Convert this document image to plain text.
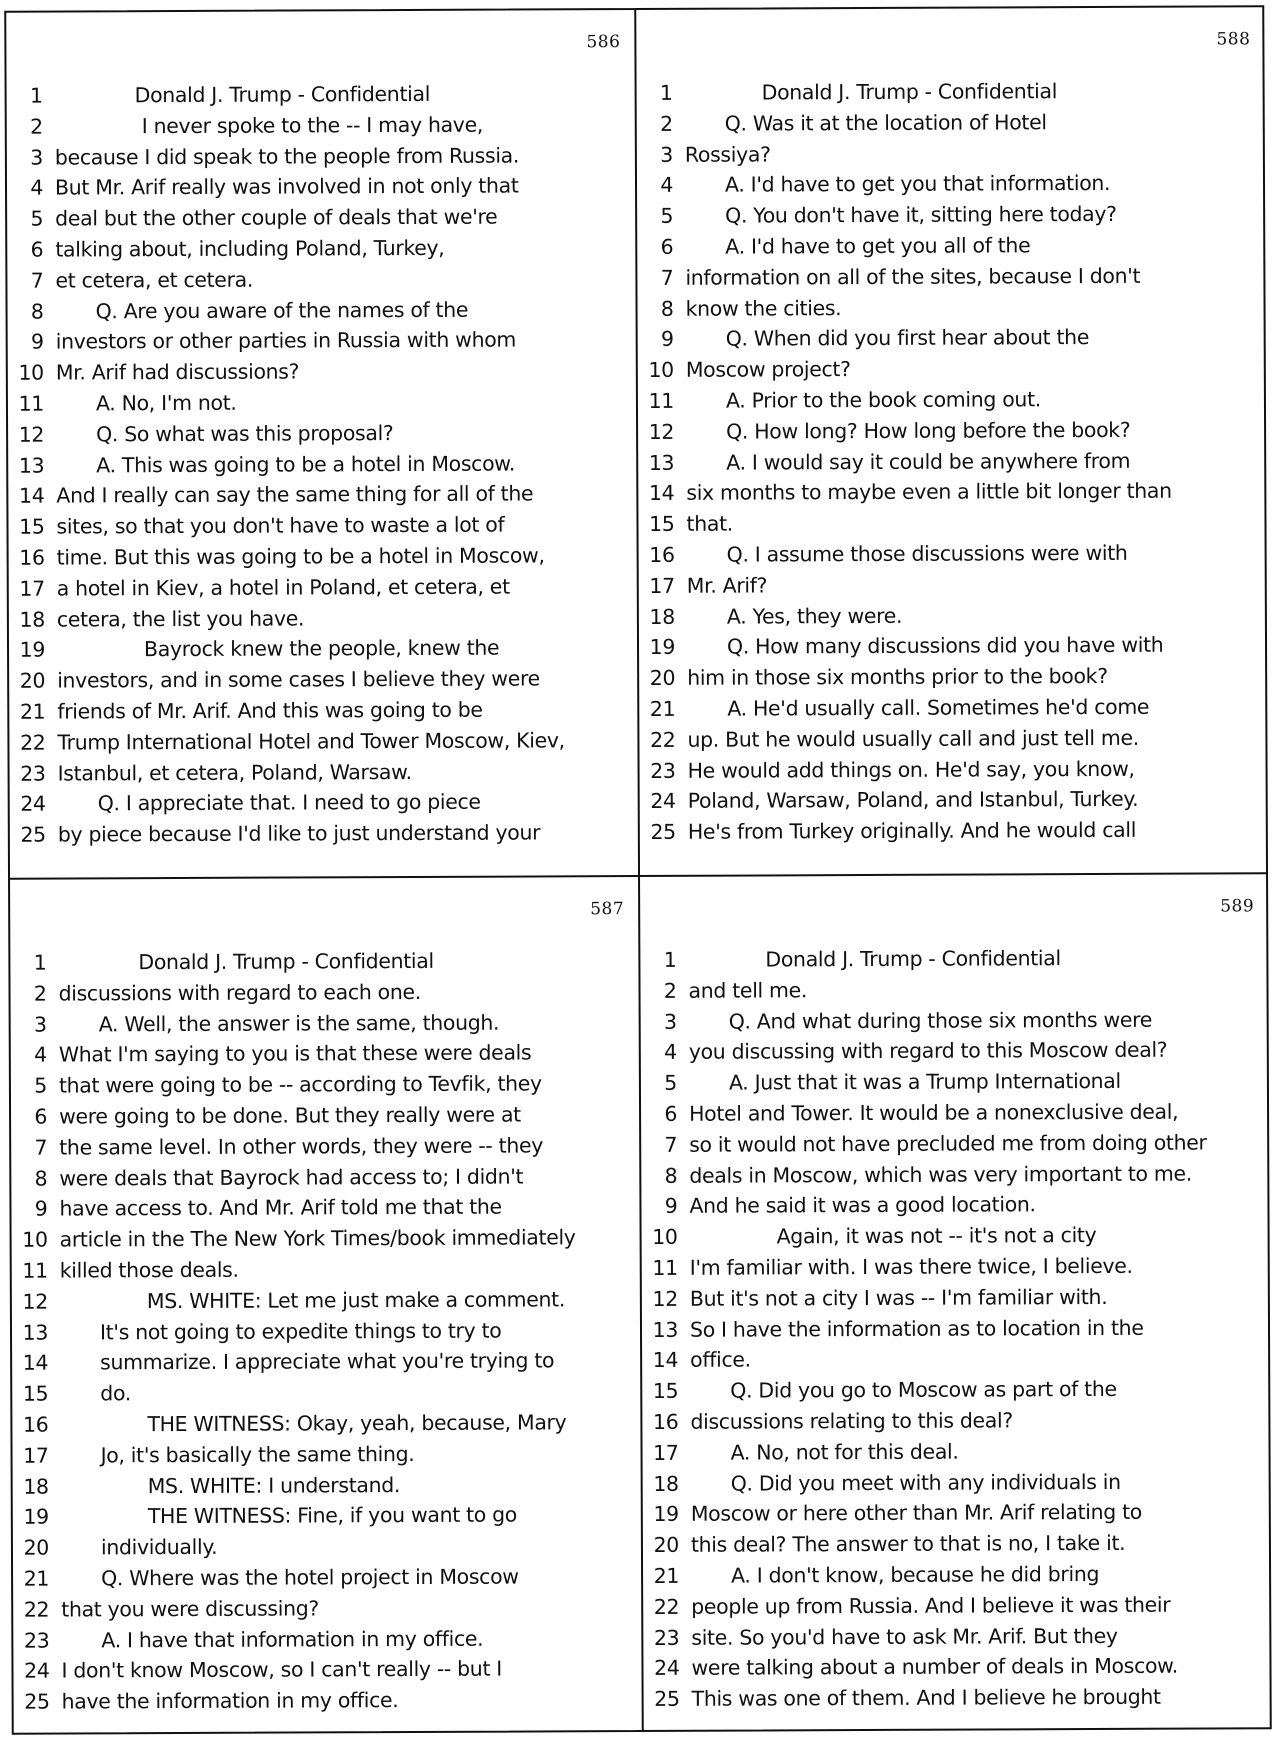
586
1	Donald J. Trump - Confidential
2	I never spoke to the -- I may have,
3 because I did speak to the people from Russia.
4 But Mr. Arif really was involved in not only that
5 deal but the other couple of deals that we're
6 talking about, including Poland, Turkey,
7 et cetera, et cetera.
8	Q. Are you aware of the names of the
9 investors or other parties in Russia with whom
10 Mr. Arif had discussions?
11	A. No, I'm not.
12	Q. So what was this proposal?
13	A. This was going to be a hotel in Moscow.
14 And I really can say the same thing for all of the
15 sites, so that you don't have to waste a lot of
16 time. But this was going to be a hotel in Moscow,
17 a hotel in Kiev, a hotel in Poland, et cetera, et
18 cetera, the list you have.
19	Bayrock knew the people, knew the
20 investors, and in some cases I believe they were
21 friends of Mr. Arif. And this was going to be
22 Trump International Hotel and Tower Moscow, Kiev,
23 Istanbul, et cetera, Poland, Warsaw.
24	Q. I appreciate that. I need to go piece
25 by piece because I'd like to just understand your
588
1	Donald J. Trump - Confidential
2	Q. Was it at the location of Hotel
3 Rossiya?
4	A. I'd have to get you that information.
5	Q. You don't have it, sitting here today?
6	A. I'd have to get you all of the
7 information on all of the sites, because I don't
8 know the cities.
9	Q. When did you first hear about the
10 Moscow project?
11	A. Prior to the book coming out.
12	Q. How long? How long before the book?
13	A. I would say it could be anywhere from
14 six months to maybe even a little bit longer than
15 that.
16	Q. I assume those discussions were with
17 Mr. Arif?
18	A. Yes, they were.
19	Q. How many discussions did you have with
20 him in those six months prior to the book?
21	A. He'd usually call. Sometimes he'd come
22 up. But he would usually call and just tell me.
23 He would add things on. He'd say, you know,
24 Poland, Warsaw, Poland, and Istanbul, Turkey.
25 He's from Turkey originally. And he would call
587
1	Donald J. Trump - Confidential
2 discussions with regard to each one.
3	A. Well, the answer is the same, though.
4 What I'm saying to you is that these were deals
5 that were going to be -- according to Tevfik, they
6 were going to be done. But they really were at
7 the same level. In other words, they were -- they
8 were deals that Bayrock had access to; I didn't
9 have access to. And Mr. Arif told me that the
10 article in the The New York Times/book immediately
11 killed those deals.
12	MS. WHITE: Let me just make a comment.
13	It's not going to expedite things to try to
14	summarize. I appreciate what you're trying to
15	do.
16	THE WITNESS: Okay, yeah, because, Mary
17	Jo, it's basically the same thing.
18	MS. WHITE: I understand.
19	THE WITNESS: Fine, if you want to go
20	individually.
21	Q. Where was the hotel project in Moscow
22 that you were discussing?
23	A. I have that information in my office.
24 I don't know Moscow, so I can't really -- but I
25 have the information in my office.
589
1	Donald J. Trump - Confidential
2 and tell me.
3	Q. And what during those six months were
4 you discussing with regard to this Moscow deal?
5	A. Just that it was a Trump International
6 Hotel and Tower. It would be a nonexclusive deal,
7 so it would not have precluded me from doing other
8 deals in Moscow, which was very important to me.
9 And he said it was a good location.
10	Again, it was not -- it's not a city
11 I'm familiar with. I was there twice, I believe.
12 But it's not a city I was -- I'm familiar with.
13 So I have the information as to location in the
14 office.
15	Q. Did you go to Moscow as part of the
16 discussions relating to this deal?
17	A. No, not for this deal.
18	Q. Did you meet with any individuals in
19 Moscow or here other than Mr. Arif relating to
20 this deal? The answer to that is no, I take it.
21	A. I don't know, because he did bring
22 people up from Russia. And I believe it was their
23 site. So you'd have to ask Mr. Arif. But they
24 were talking about a number of deals in Moscow.
25 This was one of them. And I believe he brought
